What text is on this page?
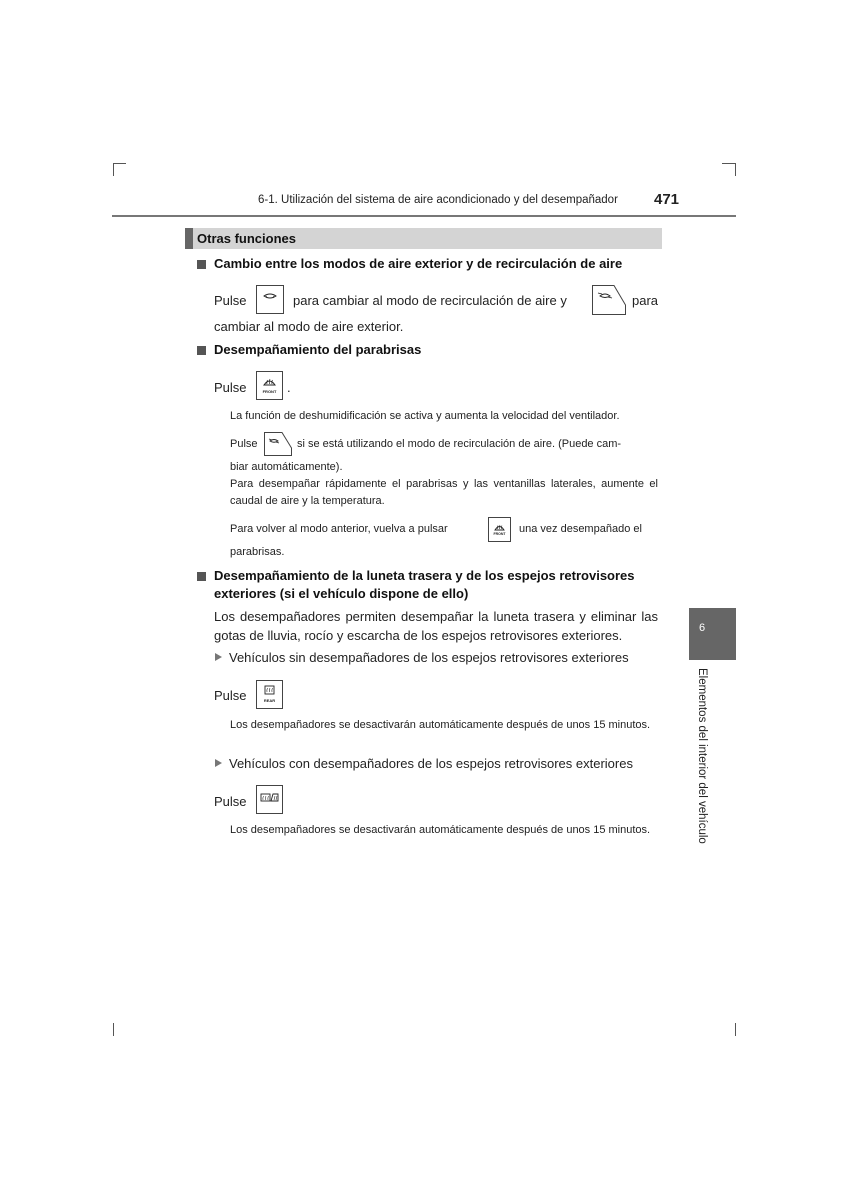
6-1. Utilización del sistema de aire acondicionado y del desempañador 471
Otras funciones
Cambio entre los modos de aire exterior y de recirculación de aire
Pulse	para cambiar al modo de recirculación de aire y	para
cambiar al modo de aire exterior.
Desempañamiento del parabrisas
Pulse	FRONT .
La función de deshumidificación se activa y aumenta la velocidad del ventilador.
Pulse	si se está utilizando el modo de recirculación de aire. (Puede cam-
biar automáticamente).
Para desempañar rápidamente el parabrisas y las ventanillas laterales, aumente el caudal de aire y la temperatura.
Para volver al modo anterior, vuelva a pulsar	FRONT	una vez desempañado el
parabrisas.
Desempañamiento de la luneta trasera y de los espejos retrovisores exteriores (si el vehículo dispone de ello)
Los desempañadores permiten desempañar la luneta trasera y eliminar las gotas de lluvia, rocío y escarcha de los espejos retrovisores exteriores.
Vehículos sin desempañadores de los espejos retrovisores exteriores
Pulse	REAR
Los desempañadores se desactivarán automáticamente después de unos 15 minutos.
Vehículos con desempañadores de los espejos retrovisores exteriores
Pulse
Los desempañadores se desactivarán automáticamente después de unos 15 minutos.
6
Elementos del interior del vehículo
